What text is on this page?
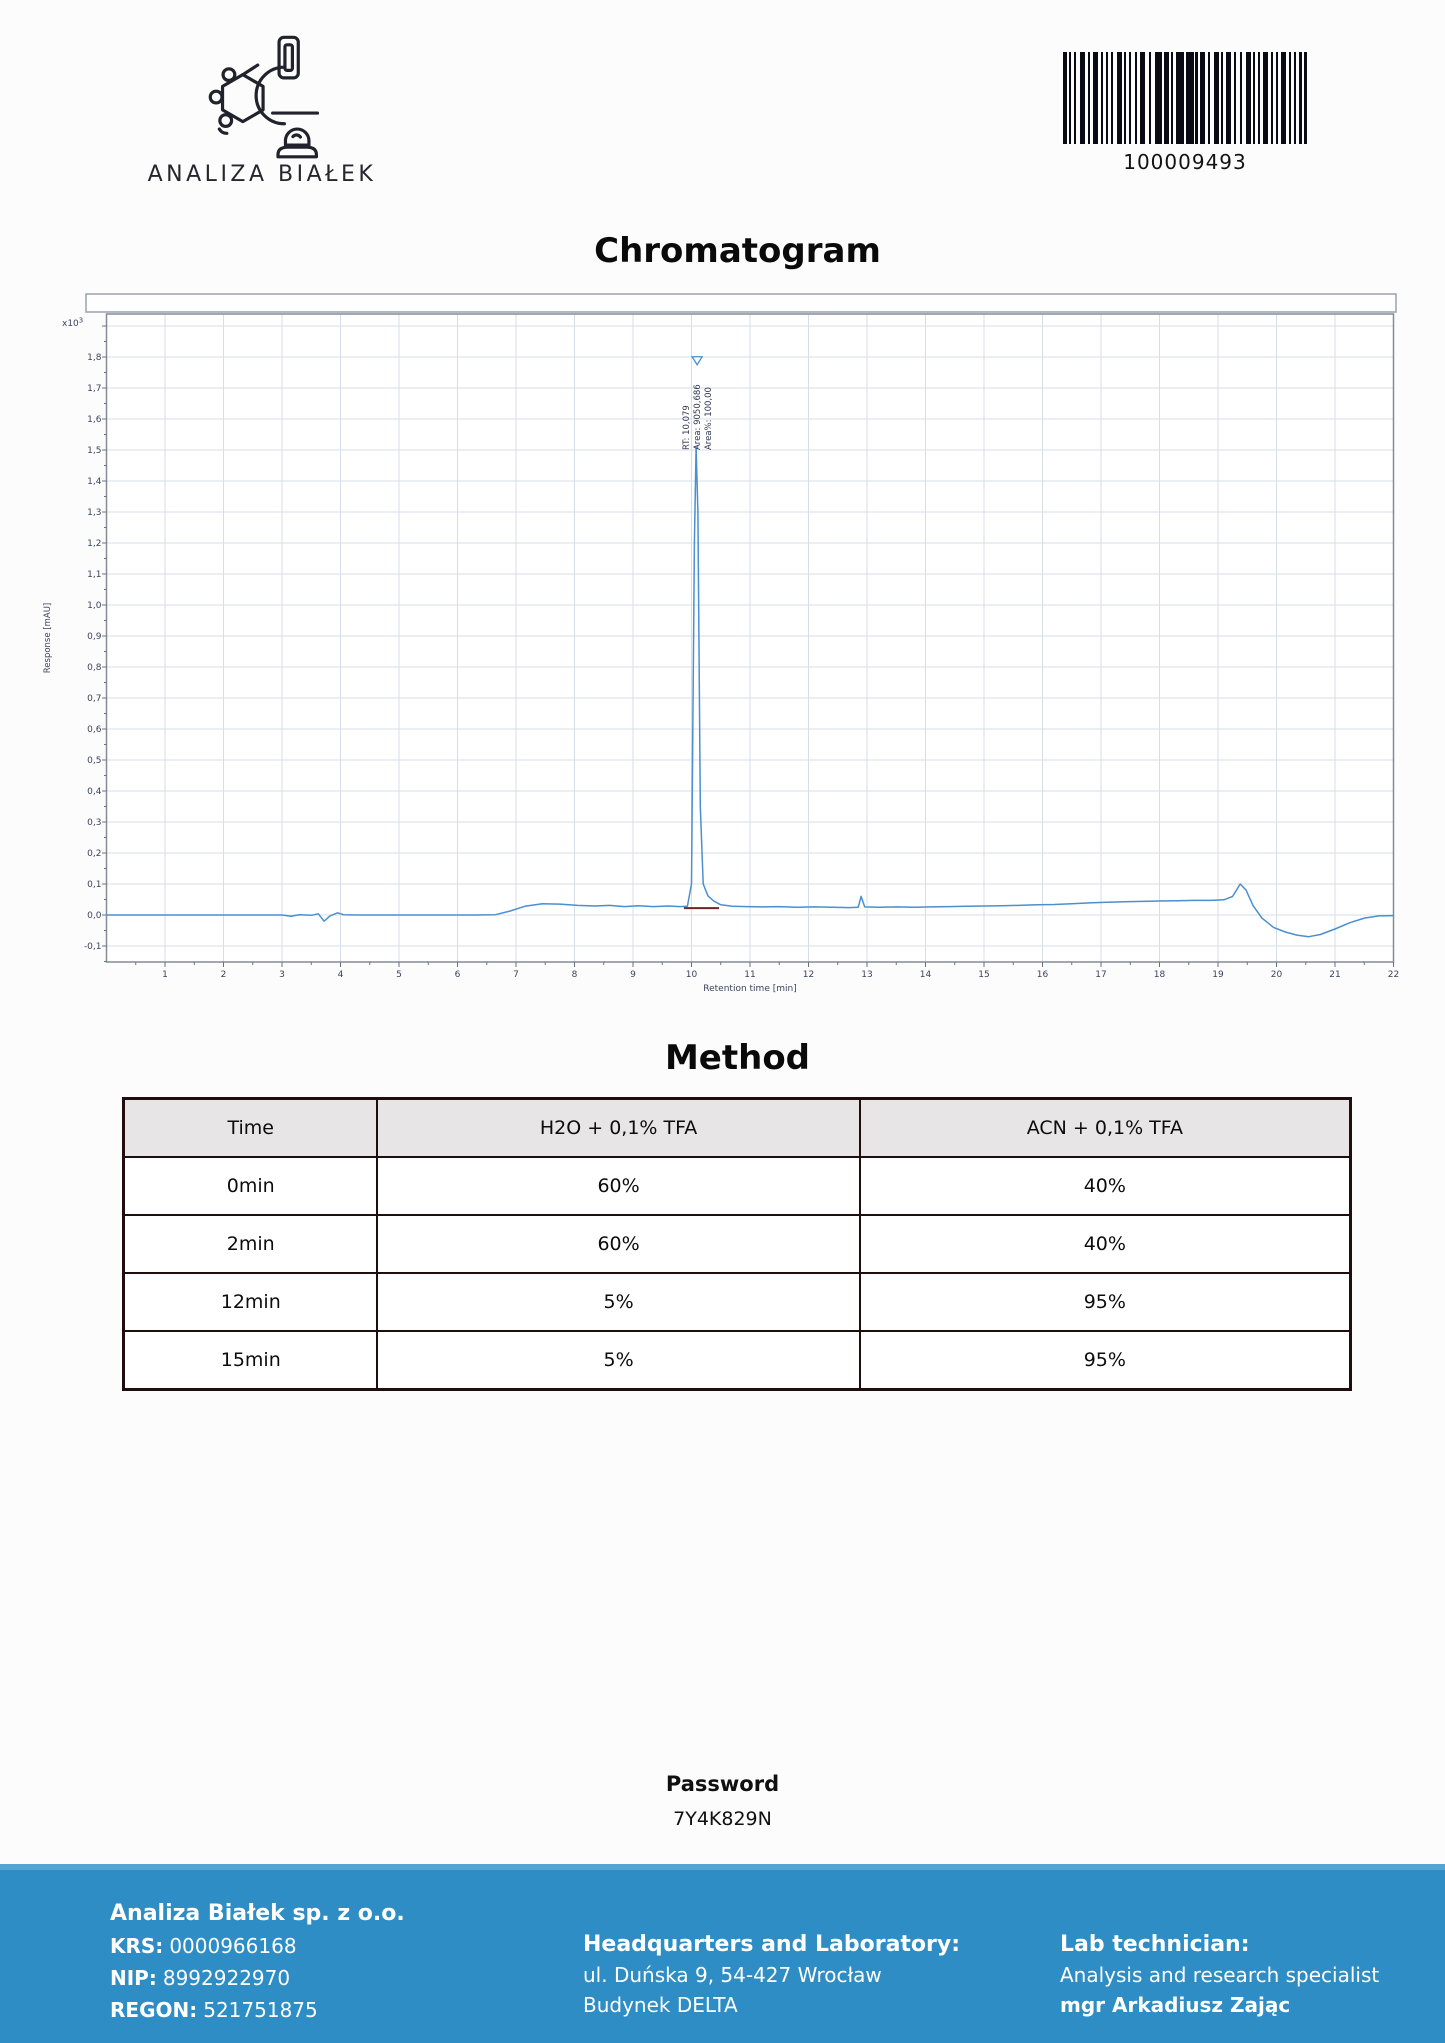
ANALIZA BIAŁEK	100009493
Chromatogram
1	2	3	4	5	6	7	8	9	10	11	12	13	14	15	16	17	18	19	20	21	22
1,8
1,7
1,6
1,5
1,4
1,3
1,2
1,1
1,0
0,9
0,8
0,7
0,6
0,5
0,4
0,3
0,2
0,1
0,0
-0,1
Retention time [min]
Response [mAU]
$x10^3$
RT: 10,079 Area: 9050,686 Area%: 100,00
Method
Time	H2O + 0,1% TFA	ACN + 0,1% TFA
0min	60%	40%
2min	60%	40%
12min	5%	95%
15min	5%	95%
Password
7Y4K829N
Analiza Białek sp. z o.o.
KRS: 0000966168
NIP: 8992922970
REGON: 521751875
Headquarters and Laboratory:
ul. Duńska 9, 54-427 Wrocław
Budynek DELTA
Lab technician:
Analysis and research specialist
mgr Arkadiusz Zając
